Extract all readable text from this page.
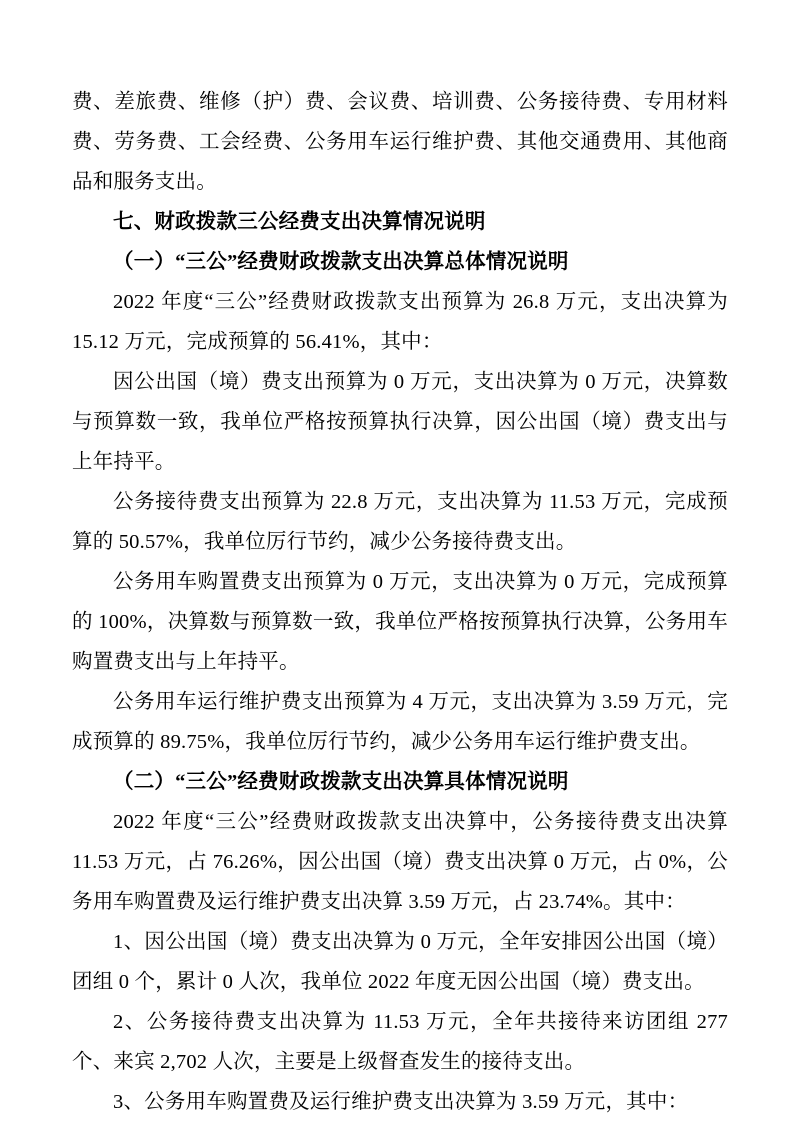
费、差旅费、维修（护）费、会议费、培训费、公务接待费、专用材料费、劳务费、工会经费、公务用车运行维护费、其他交通费用、其他商品和服务支出。

七、财政拨款三公经费支出决算情况说明

（一）“三公”经费财政拨款支出决算总体情况说明

2022 年度“三公”经费财政拨款支出预算为 26.8 万元，支出决算为 15.12 万元，完成预算的 56.41%，其中：

因公出国（境）费支出预算为 0 万元，支出决算为 0 万元，决算数与预算数一致，我单位严格按预算执行决算，因公出国（境）费支出与上年持平。

公务接待费支出预算为 22.8 万元，支出决算为 11.53 万元，完成预算的 50.57%，我单位厉行节约，减少公务接待费支出。

公务用车购置费支出预算为 0 万元，支出决算为 0 万元，完成预算的 100%，决算数与预算数一致，我单位严格按预算执行决算，公务用车购置费支出与上年持平。

公务用车运行维护费支出预算为 4 万元，支出决算为 3.59 万元，完成预算的 89.75%，我单位厉行节约，减少公务用车运行维护费支出。

（二）“三公”经费财政拨款支出决算具体情况说明

2022 年度“三公”经费财政拨款支出决算中，公务接待费支出决算 11.53 万元，占 76.26%，因公出国（境）费支出决算 0 万元，占 0%，公务用车购置费及运行维护费支出决算 3.59 万元，占 23.74%。其中：

1、因公出国（境）费支出决算为 0 万元，全年安排因公出国（境）团组 0 个，累计 0 人次，我单位 2022 年度无因公出国（境）费支出。

2、公务接待费支出决算为 11.53 万元，全年共接待来访团组 277 个、来宾 2,702 人次，主要是上级督查发生的接待支出。

3、公务用车购置费及运行维护费支出决算为 3.59 万元，其中：
